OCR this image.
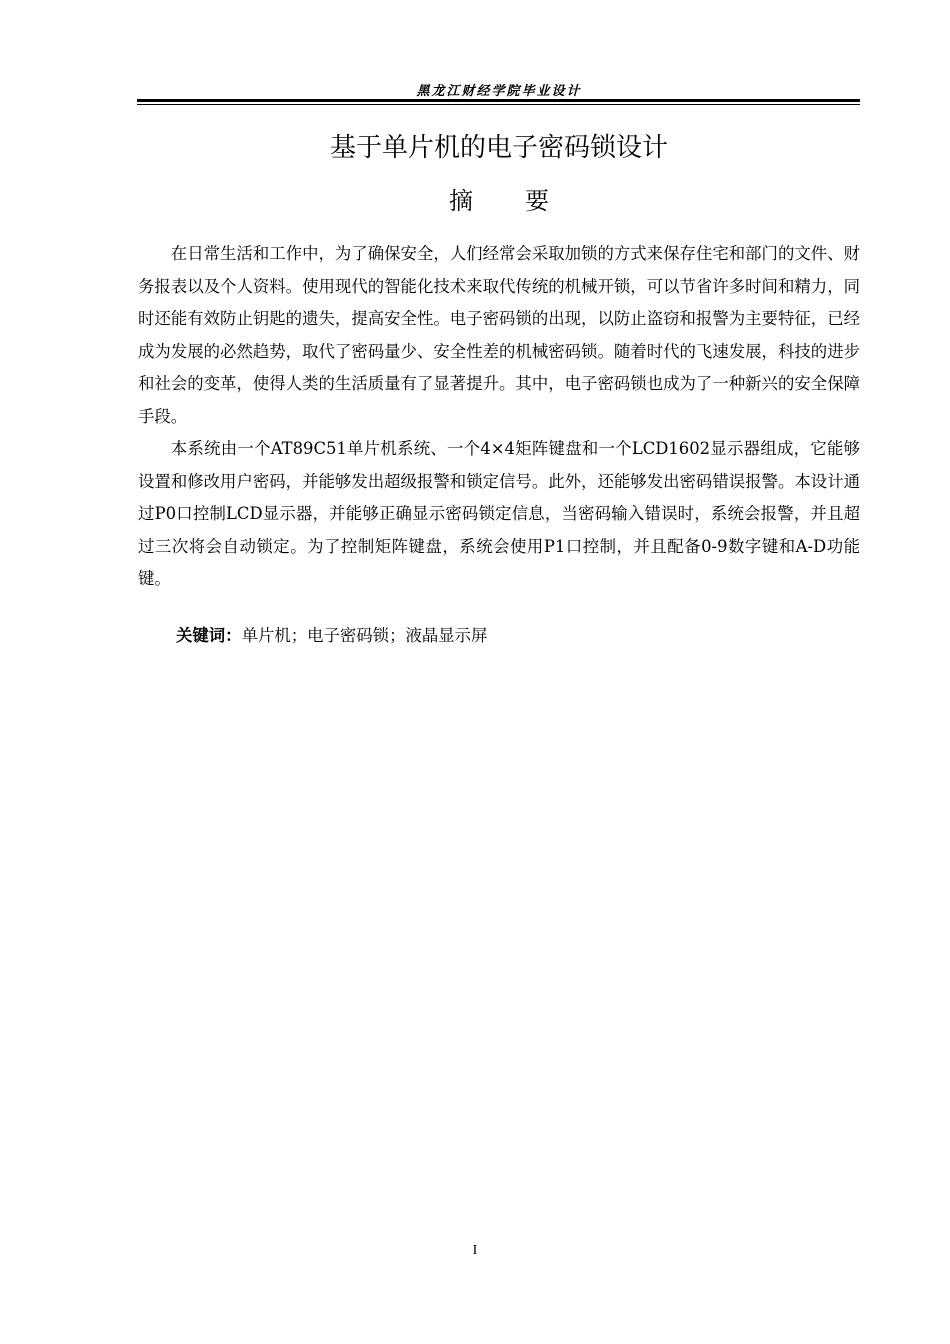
黑龙江财经学院毕业设计
基于单片机的电子密码锁设计
摘 要

在日常生活和工作中，为了确保安全，人们经常会采取加锁的方式来保存住宅和部门的文件、财务报表以及个人资料。使用现代的智能化技术来取代传统的机械开锁，可以节省许多时间和精力，同时还能有效防止钥匙的遗失，提高安全性。电子密码锁的出现，以防止盗窃和报警为主要特征，已经成为发展的必然趋势，取代了密码量少、安全性差的机械密码锁。随着时代的飞速发展，科技的进步和社会的变革，使得人类的生活质量有了显著提升。其中，电子密码锁也成为了一种新兴的安全保障手段。

本系统由一个AT89C51单片机系统、一个4×4矩阵键盘和一个LCD1602显示器组成，它能够设置和修改用户密码，并能够发出超级报警和锁定信号。此外，还能够发出密码错误报警。本设计通过P0口控制LCD显示器，并能够正确显示密码锁定信息，当密码输入错误时，系统会报警，并且超过三次将会自动锁定。为了控制矩阵键盘，系统会使用P1口控制，并且配备0-9数字键和A-D功能键。

关键词：单片机；电子密码锁；液晶显示屏
I
